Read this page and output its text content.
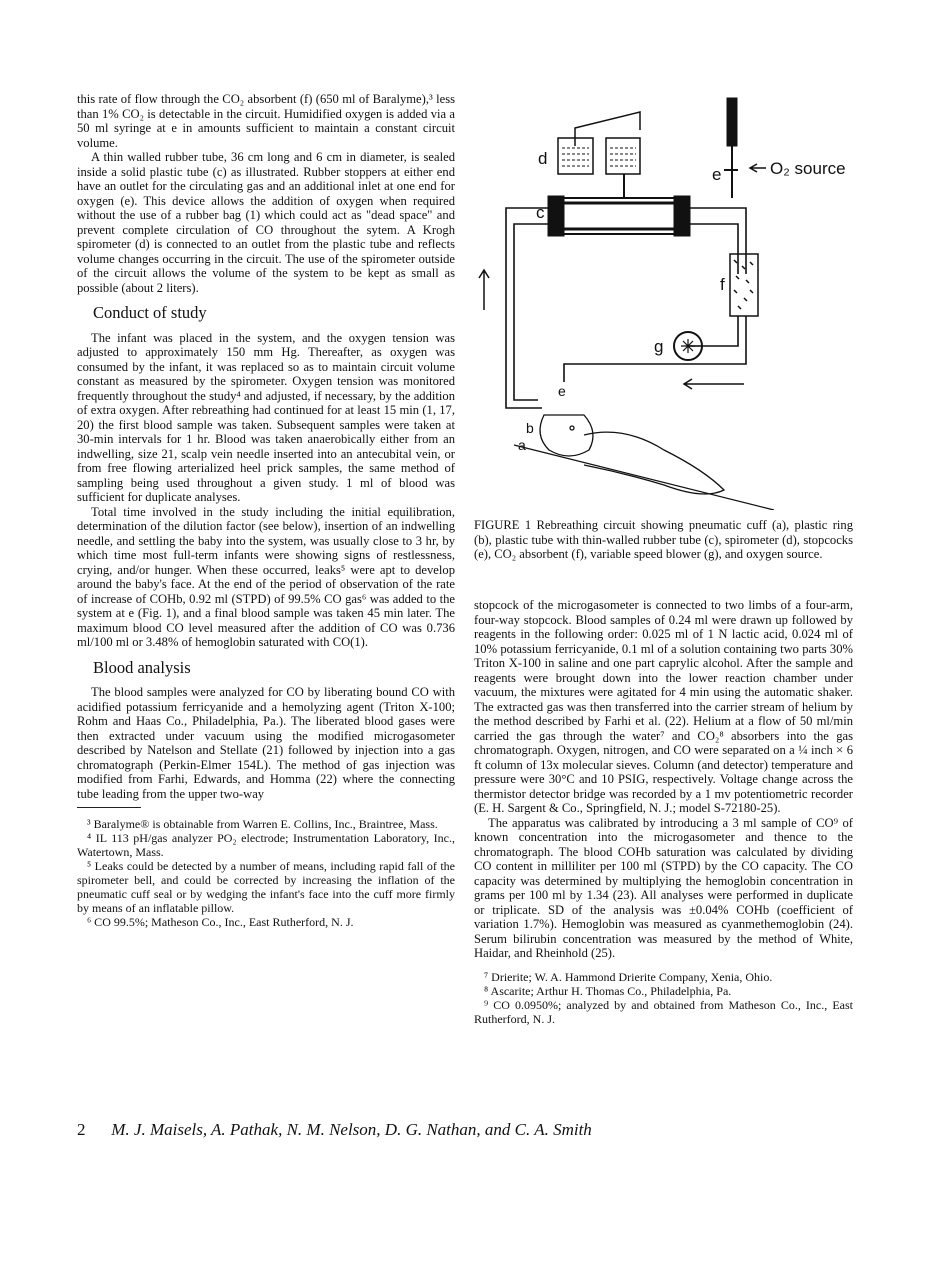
this rate of flow through the CO₂ absorbent (f) (650 ml of Baralyme),³ less than 1% CO₂ is detectable in the circuit. Humidified oxygen is added via a 50 ml syringe at e in amounts sufficient to maintain a constant circuit volume.

A thin walled rubber tube, 36 cm long and 6 cm in diameter, is sealed inside a solid plastic tube (c) as illustrated. Rubber stoppers at either end have an outlet for the circulating gas and an additional inlet at one end for oxygen (e). This device allows the addition of oxygen when required without the use of a rubber bag (1) which could act as "dead space" and prevent complete circulation of CO throughout the sytem. A Krogh spirometer (d) is connected to an outlet from the plastic tube and reflects volume changes occurring in the circuit. The use of the spirometer outside of the circuit allows the volume of the system to be kept as small as possible (about 2 liters).

Conduct of study

The infant was placed in the system, and the oxygen tension was adjusted to approximately 150 mm Hg. Thereafter, as oxygen was consumed by the infant, it was replaced so as to maintain circuit volume constant as measured by the spirometer. Oxygen tension was monitored frequently throughout the study⁴ and adjusted, if necessary, by the addition of extra oxygen. After rebreathing had continued for at least 15 min (1, 17, 20) the first blood sample was taken. Subsequent samples were taken at 30-min intervals for 1 hr. Blood was taken anaerobically either from an indwelling, size 21, scalp vein needle inserted into an antecubital vein, or from free flowing arterialized heel prick samples, the same method of sampling being used throughout a given study. 1 ml of blood was sufficient for duplicate analyses.

Total time involved in the study including the initial equilibration, determination of the dilution factor (see below), insertion of an indwelling needle, and settling the baby into the system, was usually close to 3 hr, by which time most full-term infants were showing signs of restlessness, crying, and/or hunger. When these occurred, leaks⁵ were apt to develop around the baby's face. At the end of the period of observation of the rate of increase of COHb, 0.92 ml (STPD) of 99.5% CO gas⁶ was added to the system at e (Fig. 1), and a final blood sample was taken 45 min later. The maximum blood CO level measured after the addition of CO was 0.736 ml/100 ml or 3.48% of hemoglobin saturated with CO(1).

Blood analysis

The blood samples were analyzed for CO by liberating bound CO with acidified potassium ferricyanide and a hemolyzing agent (Triton X-100; Rohm and Haas Co., Philadelphia, Pa.). The liberated blood gases were then extracted under vacuum using the modified microgasometer described by Natelson and Stellate (21) followed by injection into a gas chromatograph (Perkin-Elmer 154L). The method of gas injection was modified from Farhi, Edwards, and Homma (22) where the connecting tube leading from the upper two-way

³ Baralyme® is obtainable from Warren E. Collins, Inc., Braintree, Mass.

⁴ IL 113 pH/gas analyzer PO₂ electrode; Instrumentation Laboratory, Inc., Watertown, Mass.

⁵ Leaks could be detected by a number of means, including rapid fall of the spirometer bell, and could be corrected by increasing the inflation of the pneumatic cuff seal or by wedging the infant's face into the cuff more firmly by means of an inflatable pillow.

⁶ CO 99.5%; Matheson Co., Inc., East Rutherford, N. J.

d
c
e	O₂ source
f
g
e
b
a
FIGURE 1 Rebreathing circuit showing pneumatic cuff (a), plastic ring (b), plastic tube with thin-walled rubber tube (c), spirometer (d), stopcocks (e), CO₂ absorbent (f), variable speed blower (g), and oxygen source.

stopcock of the microgasometer is connected to two limbs of a four-arm, four-way stopcock. Blood samples of 0.24 ml were drawn up followed by reagents in the following order: 0.025 ml of 1 N lactic acid, 0.024 ml of 10% potassium ferricyanide, 0.1 ml of a solution containing two parts 30% Triton X-100 in saline and one part caprylic alcohol. After the sample and reagents were brought down into the lower reaction chamber under vacuum, the mixtures were agitated for 4 min using the automatic shaker. The extracted gas was then transferred into the carrier stream of helium by the method described by Farhi et al. (22). Helium at a flow of 50 ml/min carried the gas through the water⁷ and CO₂⁸ absorbers into the gas chromatograph. Oxygen, nitrogen, and CO were separated on a ¼ inch × 6 ft column of 13x molecular sieves. Column (and detector) temperature and pressure were 30°C and 10 PSIG, respectively. Voltage change across the thermistor detector bridge was recorded by a 1 mv potentiometric recorder (E. H. Sargent & Co., Springfield, N. J.; model S-72180-25).

The apparatus was calibrated by introducing a 3 ml sample of CO⁹ of known concentration into the microgasometer and thence to the chromatograph. The blood COHb saturation was calculated by dividing CO content in milliliter per 100 ml (STPD) by the CO capacity. The CO capacity was determined by multiplying the hemoglobin concentration in grams per 100 ml by 1.34 (23). All analyses were performed in duplicate or triplicate. SD of the analysis was ±0.04% COHb (coefficient of variation 1.7%). Hemoglobin was measured as cyanmethemoglobin (24). Serum bilirubin concentration was measured by the method of White, Haidar, and Rheinhold (25).

⁷ Drierite; W. A. Hammond Drierite Company, Xenia, Ohio.

⁸ Ascarite; Arthur H. Thomas Co., Philadelphia, Pa.

⁹ CO 0.0950%; analyzed by and obtained from Matheson Co., Inc., East Rutherford, N. J.

2 M. J. Maisels, A. Pathak, N. M. Nelson, D. G. Nathan, and C. A. Smith
